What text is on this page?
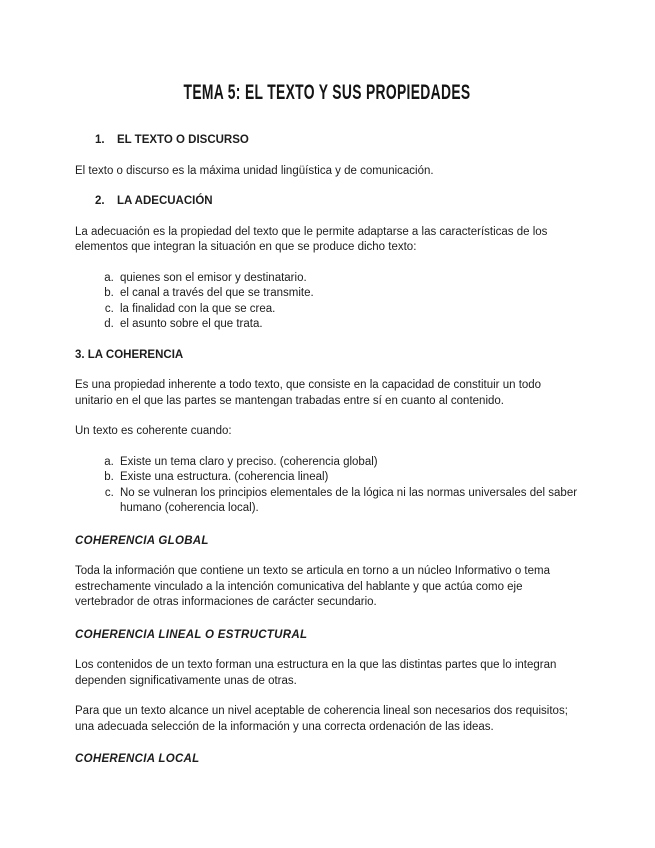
TEMA 5: EL TEXTO Y SUS PROPIEDADES
1. EL TEXTO O DISCURSO

El texto o discurso es la máxima unidad lingüística y de comunicación.

2. LA ADECUACIÓN

La adecuación es la propiedad del texto que le permite adaptarse a las características de los elementos que integran la situación en que se produce dicho texto:

a. quienes son el emisor y destinatario.
b. el canal a través del que se transmite.
c. la finalidad con la que se crea.
d. el asunto sobre el que trata.
3. LA COHERENCIA

Es una propiedad inherente a todo texto, que consiste en la capacidad de constituir un todo unitario en el que las partes se mantengan trabadas entre sí en cuanto al contenido.

Un texto es coherente cuando:

a. Existe un tema claro y preciso. (coherencia global)
b. Existe una estructura. (coherencia lineal)
c. No se vulneran los principios elementales de la lógica ni las normas universales del saber humano (coherencia local).
COHERENCIA GLOBAL

Toda la información que contiene un texto se articula en torno a un núcleo Informativo o tema estrechamente vinculado a la intención comunicativa del hablante y que actúa como eje vertebrador de otras informaciones de carácter secundario.

COHERENCIA LINEAL O ESTRUCTURAL

Los contenidos de un texto forman una estructura en la que las distintas partes que lo integran dependen significativamente unas de otras.

Para que un texto alcance un nivel aceptable de coherencia lineal son necesarios dos requisitos; una adecuada selección de la información y una correcta ordenación de las ideas.

COHERENCIA LOCAL
